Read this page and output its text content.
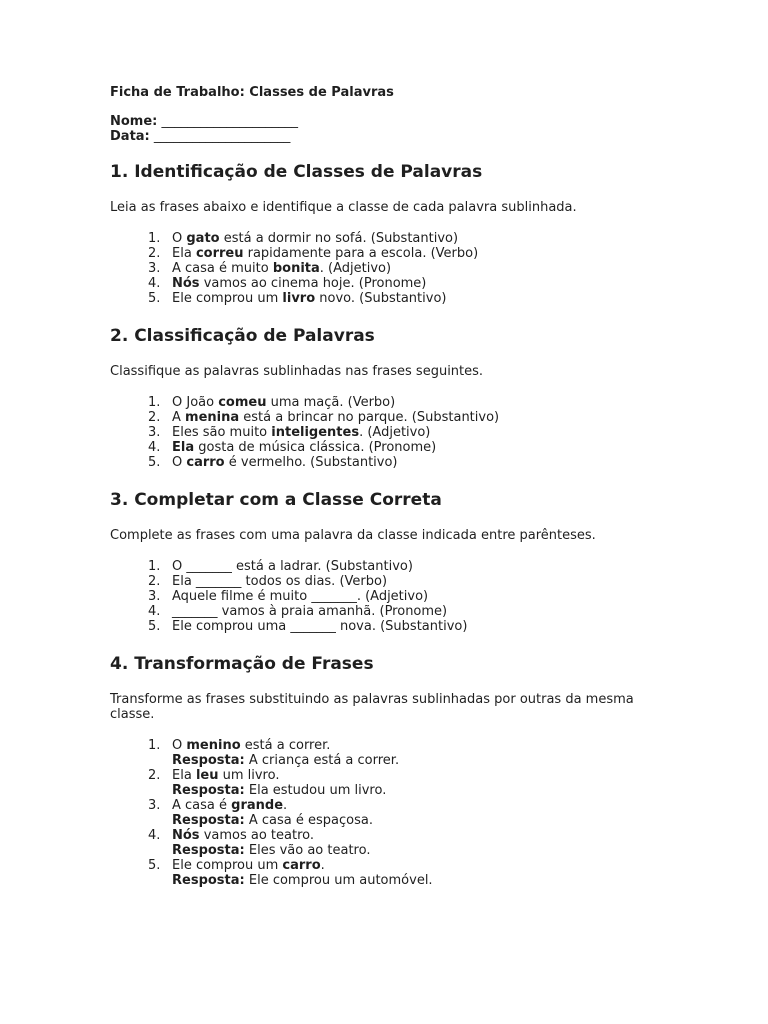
Ficha de Trabalho: Classes de Palavras

Nome: _____________________
Data: _____________________
1. Identificação de Classes de Palavras

Leia as frases abaixo e identifique a classe de cada palavra sublinhada.

1. O gato está a dormir no sofá. (Substantivo)
2. Ela correu rapidamente para a escola. (Verbo)
3. A casa é muito bonita. (Adjetivo)
4. Nós vamos ao cinema hoje. (Pronome)
5. Ele comprou um livro novo. (Substantivo)
2. Classificação de Palavras

Classifique as palavras sublinhadas nas frases seguintes.

1. O João comeu uma maçã. (Verbo)
2. A menina está a brincar no parque. (Substantivo)
3. Eles são muito inteligentes. (Adjetivo)
4. Ela gosta de música clássica. (Pronome)
5. O carro é vermelho. (Substantivo)
3. Completar com a Classe Correta

Complete as frases com uma palavra da classe indicada entre parênteses.

1. O _______ está a ladrar. (Substantivo)
2. Ela _______ todos os dias. (Verbo)
3. Aquele filme é muito _______. (Adjetivo)
4. _______ vamos à praia amanhã. (Pronome)
5. Ele comprou uma _______ nova. (Substantivo)
4. Transformação de Frases

Transforme as frases substituindo as palavras sublinhadas por outras da mesma classe.

1. O menino está a correr.
Resposta: A criança está a correr.
2. Ela leu um livro.
Resposta: Ela estudou um livro.
3. A casa é grande.
Resposta: A casa é espaçosa.
4. Nós vamos ao teatro.
Resposta: Eles vão ao teatro.
5. Ele comprou um carro.
Resposta: Ele comprou um automóvel.
